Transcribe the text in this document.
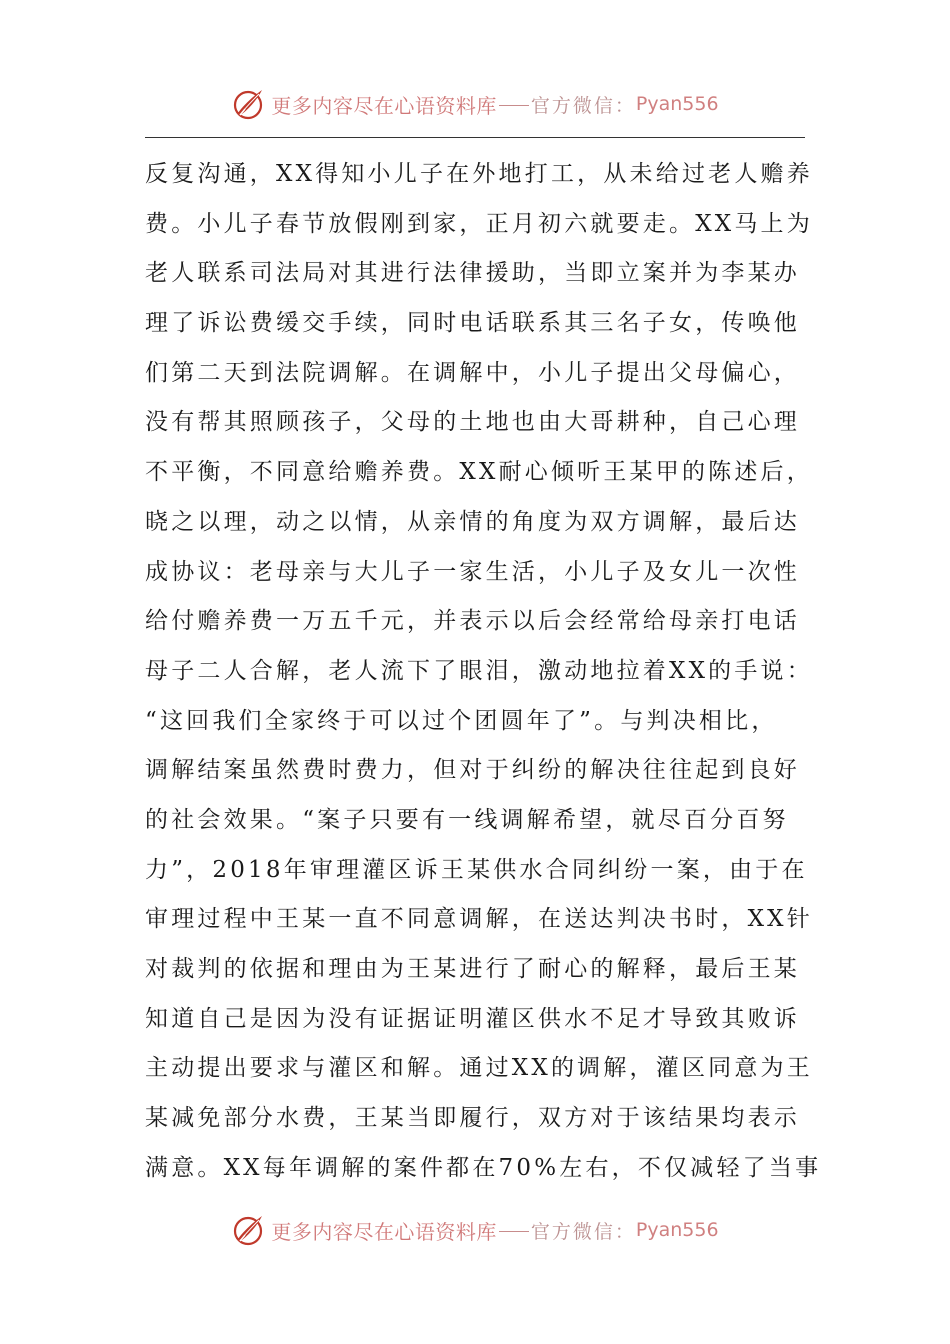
更多内容尽在心语资料库 官方微信： Pyan556
反复沟通，XX得知小儿子在外地打工，从未给过老人赡养
费。小儿子春节放假刚到家，正月初六就要走。XX马上为
老人联系司法局对其进行法律援助，当即立案并为李某办
理了诉讼费缓交手续，同时电话联系其三名子女，传唤他
们第二天到法院调解。在调解中，小儿子提出父母偏心，
没有帮其照顾孩子，父母的土地也由大哥耕种，自己心理
不平衡，不同意给赡养费。XX耐心倾听王某甲的陈述后，
晓之以理，动之以情，从亲情的角度为双方调解，最后达
成协议：老母亲与大儿子一家生活，小儿子及女儿一次性
给付赡养费一万五千元，并表示以后会经常给母亲打电话
母子二人合解，老人流下了眼泪，激动地拉着XX的手说：
“这回我们全家终于可以过个团圆年了”。与判决相比，
调解结案虽然费时费力，但对于纠纷的解决往往起到良好
的社会效果。“案子只要有一线调解希望，就尽百分百努
力”，2018年审理灌区诉王某供水合同纠纷一案，由于在
审理过程中王某一直不同意调解，在送达判决书时，XX针
对裁判的依据和理由为王某进行了耐心的解释，最后王某
知道自己是因为没有证据证明灌区供水不足才导致其败诉
主动提出要求与灌区和解。通过XX的调解，灌区同意为王
某减免部分水费，王某当即履行，双方对于该结果均表示
满意。XX每年调解的案件都在70%左右，不仅减轻了当事
更多内容尽在心语资料库 官方微信： Pyan556
